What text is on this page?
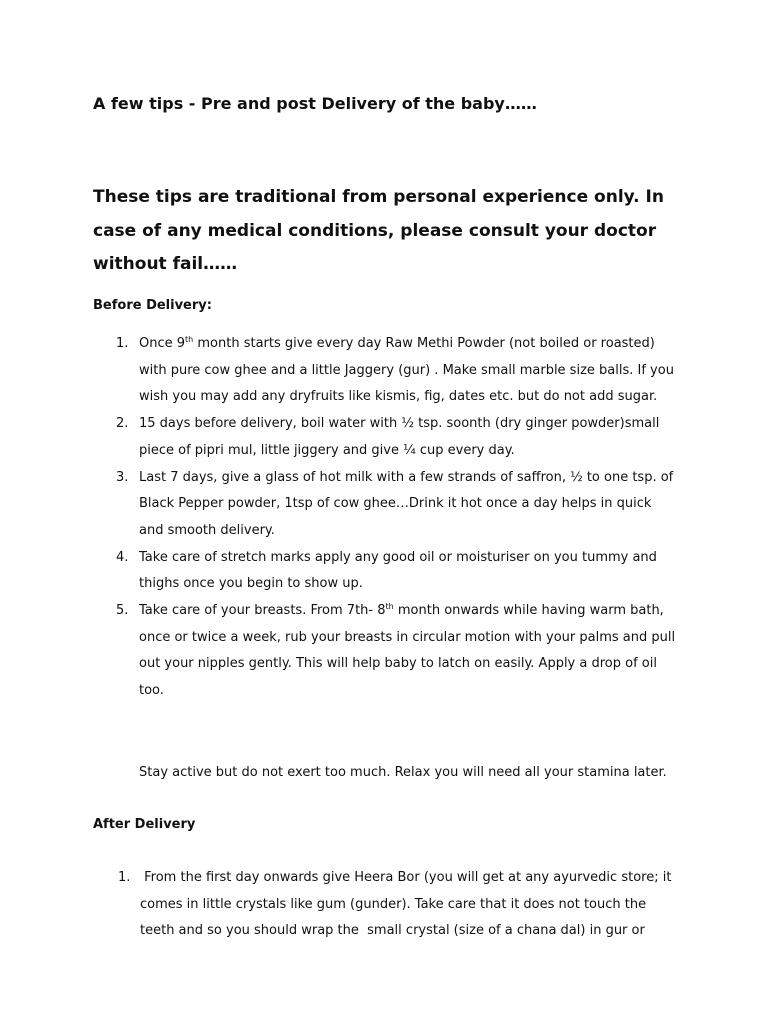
A few tips - Pre and post Delivery of the baby……

These tips are traditional from personal experience only. In case of any medical conditions, please consult your doctor without fail……

Before Delivery:
1. Once 9th month starts give every day Raw Methi Powder (not boiled or roasted) with pure cow ghee and a little Jaggery (gur) . Make small marble size balls. If you wish you may add any dryfruits like kismis, fig, dates etc. but do not add sugar.
2. 15 days before delivery, boil water with ½ tsp. soonth (dry ginger powder)small piece of pipri mul, little jiggery and give ¼ cup every day.
3. Last 7 days, give a glass of hot milk with a few strands of saffron, ½ to one tsp. of Black Pepper powder, 1tsp of cow ghee…Drink it hot once a day helps in quick and smooth delivery.
4. Take care of stretch marks apply any good oil or moisturiser on you tummy and thighs once you begin to show up.
5. Take care of your breasts. From 7th- 8th month onwards while having warm bath, once or twice a week, rub your breasts in circular motion with your palms and pull out your nipples gently. This will help baby to latch on easily. Apply a drop of oil too.

Stay active but do not exert too much. Relax you will need all your stamina later.

After Delivery
1. From the first day onwards give Heera Bor (you will get at any ayurvedic store; it comes in little crystals like gum (gunder). Take care that it does not touch the  teeth and so you should wrap the  small crystal (size of a chana dal) in gur or
